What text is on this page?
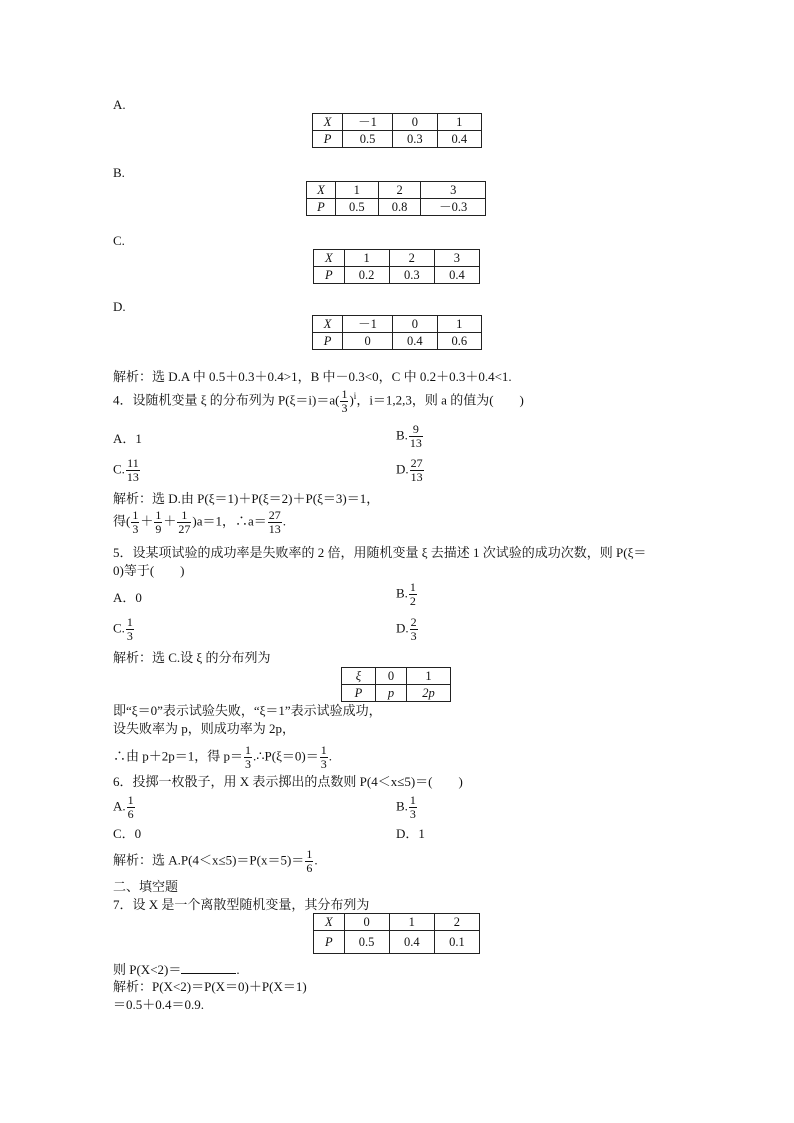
A.
X	－1	0	1
P	0.5	0.3	0.4
B.
X	1	2	3
P	0.5	0.8	－0.3
C.
X	1	2	3
P	0.2	0.3	0.4
D.
X	－1	0	1
P	0	0.4	0.6
解析：选 D.A 中 0.5＋0.3＋0.4>1，B 中－0.3<0，C 中 0.2＋0.3＋0.4<1.
4．设随机变量 ξ 的分布列为 $P(\xi=i)=a( \frac{1}{3} )^i$，i＝1,2,3，则 a 的值为(　　)
A．1	B. $\frac{9}{13}$
C. $\frac{11}{13}$	D. $\frac{27}{13}$
解析：选 D.由 P(ξ＝1)＋P(ξ＝2)＋P(ξ＝3)＝1，
得( $\frac{1}{3} + \frac{1}{9} + \frac{1}{27} )a=1$，∴a＝ $\frac{27}{13}$ .
5．设某项试验的成功率是失败率的 2 倍，用随机变量 ξ 去描述 1 次试验的成功次数，则 P(ξ＝
0)等于(　　)
A．0	B. $\frac{1}{2}$
C. $\frac{1}{3}$	D. $\frac{2}{3}$
解析：选 C.设 ξ 的分布列为
ξ	0	1
P	p	2p
即“ξ＝0”表示试验失败，“ξ＝1”表示试验成功，
设失败率为 p，则成功率为 2p，
∴由 p＋2p＝1，得 $p= \frac{1}{3}$ .∴P(ξ＝0)＝ $\frac{1}{3}$ .
6．投掷一枚骰子，用 X 表示掷出的点数则 P(4＜x≤5)＝(　　)
A. $\frac{1}{6}$	B. $\frac{1}{3}$
C．0	D．1
解析：选 $A.P(4<x\le 5)=P(x=5)= \frac{1}{6}$ .
二、填空题
7．设 X 是一个离散型随机变量，其分布列为
X	0	1	2
P	0.5	0.4	0.1
则 P(X<2)＝	.
解析：P(X<2)＝P(X＝0)＋P(X＝1)
＝0.5＋0.4＝0.9.
